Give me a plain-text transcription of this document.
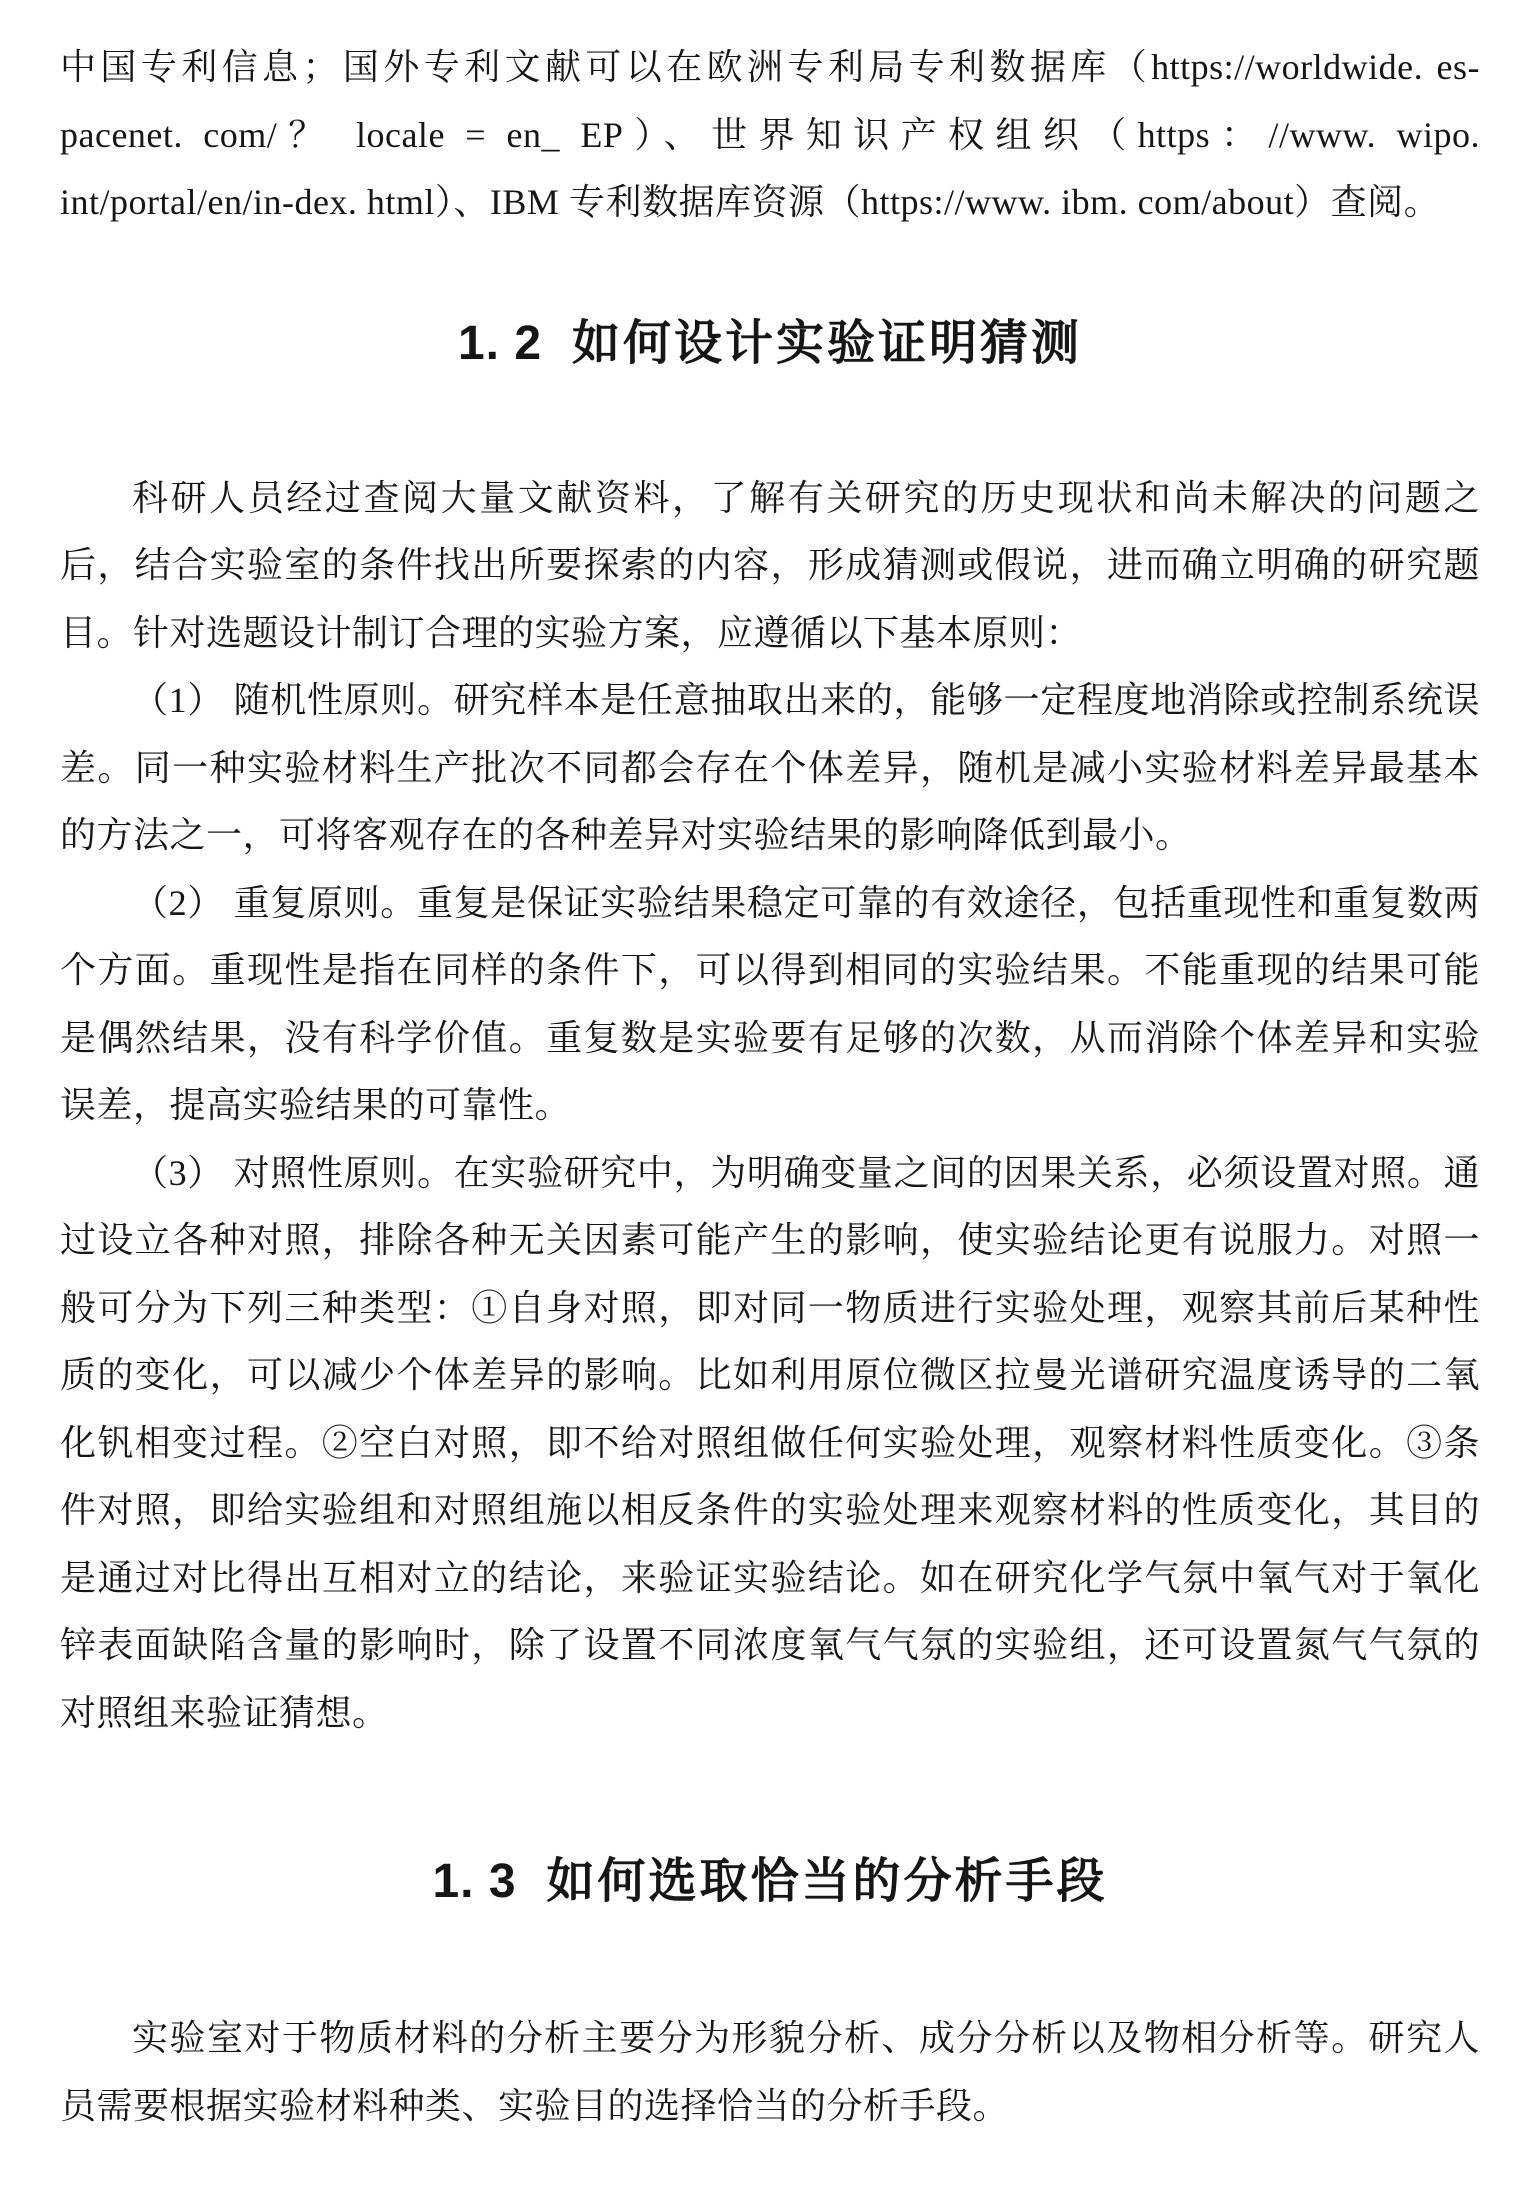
中国专利信息；国外专利文献可以在欧洲专利局专利数据库（https://worldwide. es-pacenet. com/？ locale = en_ EP）、世界知识产权组织（https：//www. wipo. int/portal/en/in-dex. html）、IBM 专利数据库资源（https://www. ibm. com/about）查阅。

1. 2 如何设计实验证明猜测

科研人员经过查阅大量文献资料，了解有关研究的历史现状和尚未解决的问题之后，结合实验室的条件找出所要探索的内容，形成猜测或假说，进而确立明确的研究题目。针对选题设计制订合理的实验方案，应遵循以下基本原则：

（1） 随机性原则。研究样本是任意抽取出来的，能够一定程度地消除或控制系统误差。同一种实验材料生产批次不同都会存在个体差异，随机是减小实验材料差异最基本的方法之一，可将客观存在的各种差异对实验结果的影响降低到最小。

（2） 重复原则。重复是保证实验结果稳定可靠的有效途径，包括重现性和重复数两个方面。重现性是指在同样的条件下，可以得到相同的实验结果。不能重现的结果可能是偶然结果，没有科学价值。重复数是实验要有足够的次数，从而消除个体差异和实验误差，提高实验结果的可靠性。

（3） 对照性原则。在实验研究中，为明确变量之间的因果关系，必须设置对照。通过设立各种对照，排除各种无关因素可能产生的影响，使实验结论更有说服力。对照一般可分为下列三种类型：①自身对照，即对同一物质进行实验处理，观察其前后某种性质的变化，可以减少个体差异的影响。比如利用原位微区拉曼光谱研究温度诱导的二氧化钒相变过程。②空白对照，即不给对照组做任何实验处理，观察材料性质变化。③条件对照，即给实验组和对照组施以相反条件的实验处理来观察材料的性质变化，其目的是通过对比得出互相对立的结论，来验证实验结论。如在研究化学气氛中氧气对于氧化锌表面缺陷含量的影响时，除了设置不同浓度氧气气氛的实验组，还可设置氮气气氛的对照组来验证猜想。

1. 3 如何选取恰当的分析手段

实验室对于物质材料的分析主要分为形貌分析、成分分析以及物相分析等。研究人员需要根据实验材料种类、实验目的选择恰当的分析手段。
